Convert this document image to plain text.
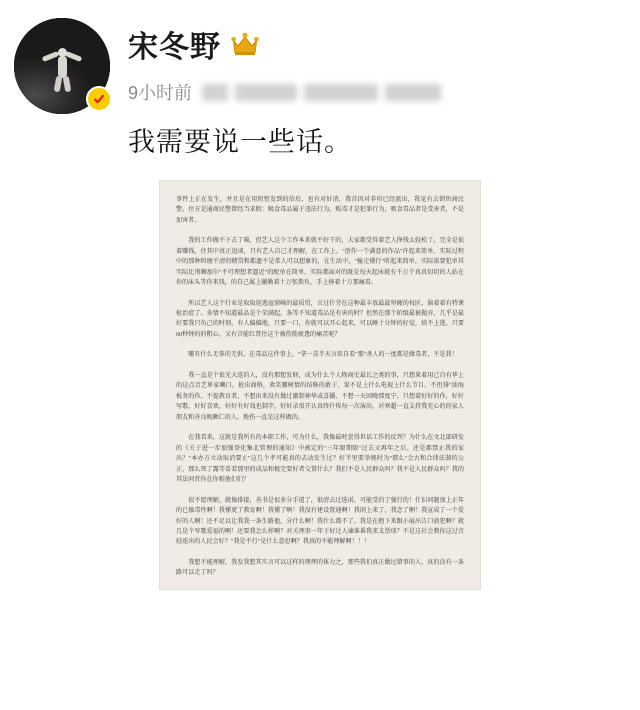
宋冬野
9小时前
我需要说一些话。

事件上正在发生，并且是在用短暂发到的信后，也有对好消，我首因对非印已经流出，我觉有去销售商民警，住方是通商民警曾经当求假：吸食毒品属于违法行为，贩毒才是犯罪行为，吸食毒品者是受害者，不是加害者。

我的工作做不下去了喵，但艺人这个工作本来就不好干的，大家都受得着艺人挣钱太轻松了，完全是很着赚钱，住其中真正追谈，只有艺人自己才理解，在工作上，"创作一个满意的作品"许起来简单、实际过程中的那种纠缠不清的赌贷和都遗不是常人可以想象的，在生活中，"撞走懂行"听起来简单，实际需要犯单其实际比荆棘加尔"不可理想者逼近"的配单在简单、实际都面对的既是每天起床就有千万个真真切切的人站在你的床头等你来钱，的自己属上躺勤着十万张欺负，手上捧着十万那痛看。

所以艺人这个行业是取取迎逃寇鼎峰的最质贸，言过什劳在这种最丰放最最坚硬的权匠、脑着着有特课检治症了。多情不知道最品是个荣满起，条等不知道毒品是有害的时？但然在那个阶级最被抛弃，几乎是最好要我只负己的时刻，有人偏偏地，只要一口，你就可以开心起来，可以睡十分钟的好觉，给不上逃、只要60秒钟的的粗心，又有音能红普住这个被伤筋疲惫的痛苦呢？

哪有什么无辜的无供，在毒品这件事上，"拿一喜半天言似自看"那"杀人的一度都是做毒者，不是我！

我一直是个很光大连的人，没有那想发财，成为什么个人物商史最长之类的事，只想果着用己自有华上的这点音艺界家喇口，抢出商格，欢笑腰树情的结修的敢于，果不是上什么电视上什么节目、不但排"油海板务的作、不提教育者、不想出来没有做过激制神华或喜播、不想一天回晚那度宁、只想着好好的作，好好写歌，好好喜欢，好好有好戏也制字，好好录很开认真终什传每一次演出，对寒超一直支持我充心的的家人朋友和善良极颇仁的人，挽伤一直是这样做的。

在我看来，这就是我所有的本职工作，可为什么，我像最时尝得世话工作的反判？为什么在文北部研发的《关于进一步加强登化集北管理的通知》中被定的"三年限期限"过去又再年之后、还是都禁止我的家出？"本办方立动取消要止"这几个孝可能真的去动发生过？好半里要举规时为"那么"会古和合律法制的公正，那么死了露等看看那里的成品和极完要好者交置什么？我们不是人民群众吗？我不是人民群众吗？我的其法问背你在你相他们们？

很不愿理解，就像排接，善书是很多分手遣了，很清去过选诺，可能受的了强行的！什识问题加上正年的已像毒性啊！我懂更了教育啊！我懂了啊！我没有建设置通啊！我闲上来了，我念了啊！我宣成了一个爱好的人啊！还不足以让我我一条生路他，分什么啊！我什么都不了，我是在抱下来跟小展出告口放犯啊？就几是个写歌爱福的啊！还要我怎么样啊？对关理事一年于好过人谏谁番我来支票球？不是这社会教你这过音轻连出的人民会好？"我是不行"是什么意思啊？我真的不能理解啊！！！

我想不能理解，我发我想其实言可以这样的理理的体力之，那些我们真正做过错事的人，真的没有一条路可以走了吗？
